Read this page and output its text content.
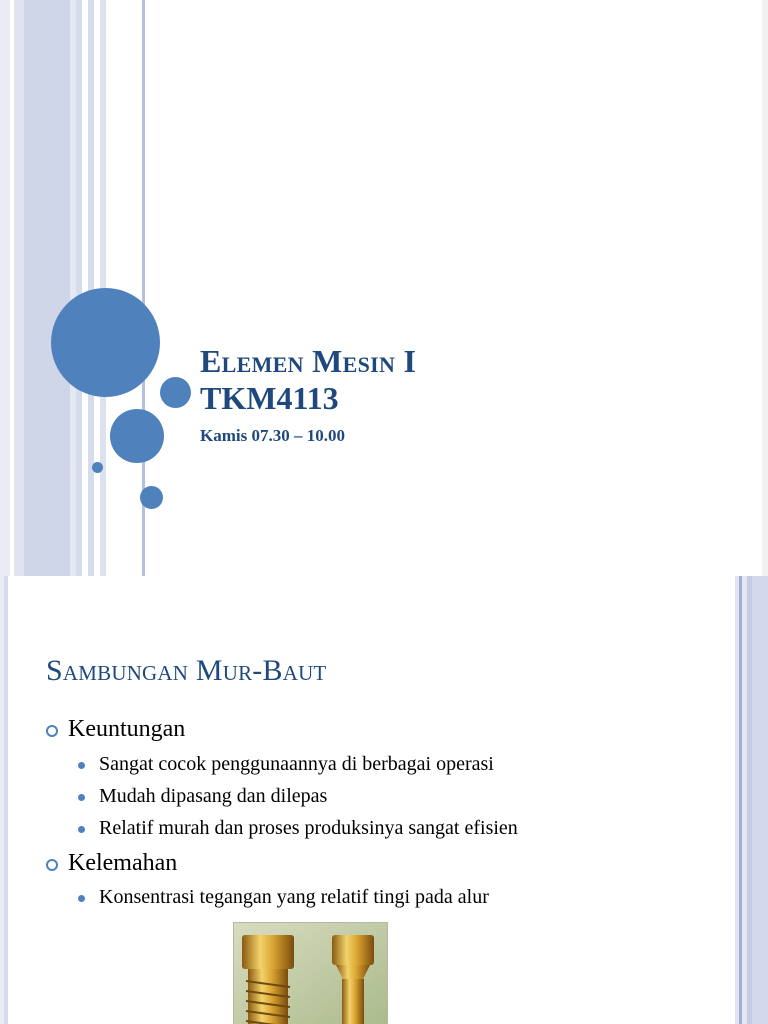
Elemen Mesin I
TKM4113
Kamis 07.30 – 10.00
Sambungan Mur-Baut
Keuntungan
Sangat cocok penggunaannya di berbagai operasi
Mudah dipasang dan dilepas
Relatif murah dan proses produksinya sangat efisien
Kelemahan
Konsentrasi tegangan yang relatif tingi pada alur
